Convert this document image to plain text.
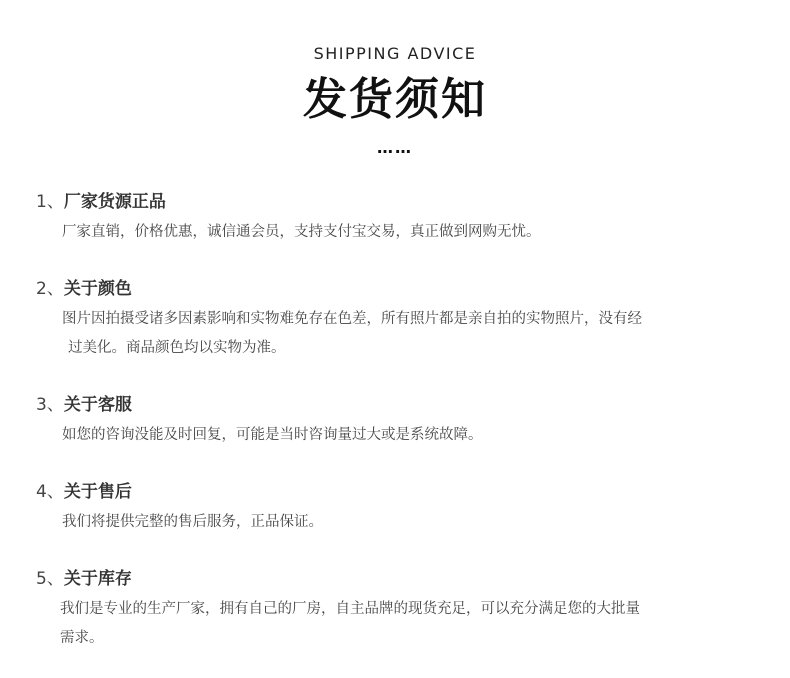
SHIPPING ADVICE
发货须知
……
1、厂家货源正品
厂家直销，价格优惠，诚信通会员，支持支付宝交易，真正做到网购无忧。
2、关于颜色
图片因拍摄受诸多因素影响和实物难免存在色差，所有照片都是亲自拍的实物照片，没有经
过美化。商品颜色均以实物为准。
3、关于客服
如您的咨询没能及时回复，可能是当时咨询量过大或是系统故障。
4、关于售后
我们将提供完整的售后服务，正品保证。
5、关于库存
我们是专业的生产厂家，拥有自己的厂房，自主品牌的现货充足，可以充分满足您的大批量
需求。
